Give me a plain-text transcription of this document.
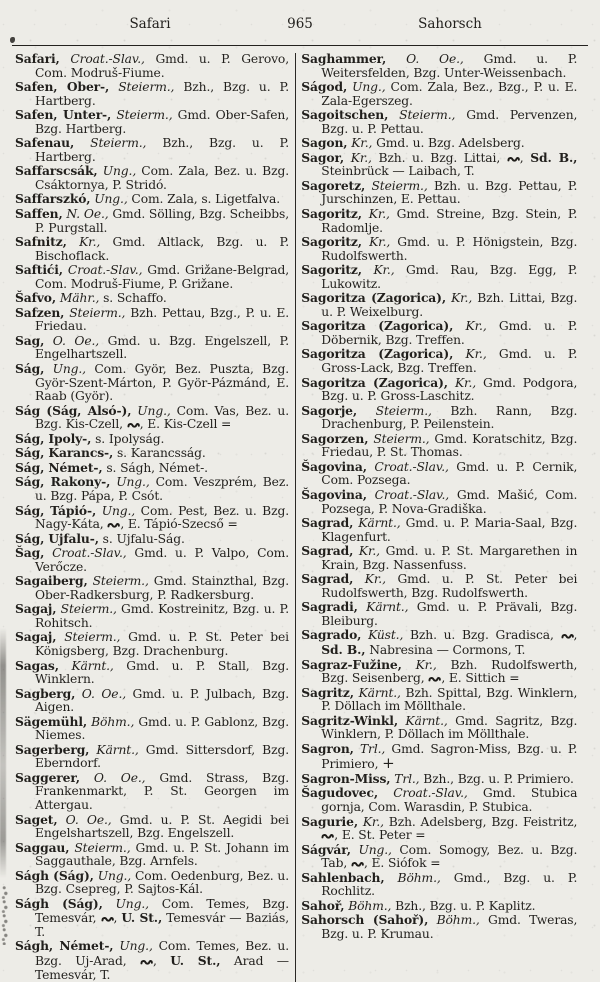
Safari	965	Sahorsch

Safari, Croat.-Slav., Gmd. u. P. Gerovo, Com. Modruš-Fiume.

Safen, Ober-, Steierm., Bzh., Bzg. u. P. Hartberg.

Safen, Unter-, Steierm., Gmd. Ober-Safen, Bzg. Hartberg.

Safenau, Steierm., Bzh., Bzg. u. P. Hartberg.

Saffarscsák, Ung., Com. Zala, Bez. u. Bzg. Csáktornya, P. Stridó.

Saffarszkó, Ung., Com. Zala, s. Ligetfalva.

Saffen, N. Oe., Gmd. Sölling, Bzg. Scheibbs, P. Purgstall.

Safnitz, Kr., Gmd. Altlack, Bzg. u. P. Bischoflack.

Saftići, Croat.-Slav., Gmd. Grižane-Belgrad, Com. Modruš-Fiume, P. Grižane.

Šafvo, Mähr., s. Schaffo.

Safzen, Steierm., Bzh. Pettau, Bzg., P. u. E. Friedau.

Sag, O. Oe., Gmd. u. Bzg. Engelszell, P. Engelhartszell.

Ság, Ung., Com. Györ, Bez. Puszta, Bzg. Györ-Szent-Márton, P. Györ-Pázmánd, E. Raab (Györ).

Ság (Ság, Alsó-), Ung., Com. Vas, Bez. u. Bzg. Kis-Czell, , E. Kis-Czell =

Ság, Ipoly-, s. Ipolyság.

Ság, Karancs-, s. Karancsság.

Ság, Német-, s. Ságh, Német-.

Ság, Rakony-, Ung., Com. Veszprém, Bez. u. Bzg. Pápa, P. Csót.

Ság, Tápió-, Ung., Com. Pest, Bez. u. Bzg. Nagy-Káta, , E. Tápió-Szecső =

Ság, Ujfalu-, s. Ujfalu-Ság.

Šag, Croat.-Slav., Gmd. u. P. Valpo, Com. Verőcze.

Sagaiberg, Steierm., Gmd. Stainzthal, Bzg. Ober-Radkersburg, P. Radkersburg.

Sagaj, Steierm., Gmd. Kostreinitz, Bzg. u. P. Rohitsch.

Sagaj, Steierm., Gmd. u. P. St. Peter bei Königsberg, Bzg. Drachenburg.

Sagas, Kärnt., Gmd. u. P. Stall, Bzg. Winklern.

Sagberg, O. Oe., Gmd. u. P. Julbach, Bzg. Aigen.

Sägemühl, Böhm., Gmd. u. P. Gablonz, Bzg. Niemes.

Sagerberg, Kärnt., Gmd. Sittersdorf, Bzg. Eberndorf.

Saggerer, O. Oe., Gmd. Strass, Bzg. Frankenmarkt, P. St. Georgen im Attergau.

Saget, O. Oe., Gmd. u. P. St. Aegidi bei Engelshartszell, Bzg. Engelszell.

Saggau, Steierm., Gmd. u. P. St. Johann im Saggauthale, Bzg. Arnfels.

Ságh (Ság), Ung., Com. Oedenburg, Bez. u. Bzg. Csepreg, P. Sajtos-Kál.

Ságh (Ság), Ung., Com. Temes, Bzg. Temesvár, , U. St., Temesvár — Baziás, T.

Ságh, Német-, Ung., Com. Temes, Bez. u. Bzg. Uj-Arad, , U. St., Arad — Temesvár, T.

Saghammer, O. Oe., Gmd. u. P. Weitersfelden, Bzg. Unter-Weissenbach.

Ságod, Ung., Com. Zala, Bez., Bzg., P. u. E. Zala-Egerszeg.

Sagoitschen, Steierm., Gmd. Pervenzen, Bzg. u. P. Pettau.

Sagon, Kr., Gmd. u. Bzg. Adelsberg.

Sagor, Kr., Bzh. u. Bzg. Littai, , Sd. B., Steinbrück — Laibach, T.

Sagoretz, Steierm., Bzh. u. Bzg. Pettau, P. Jurschinzen, E. Pettau.

Sagoritz, Kr., Gmd. Streine, Bzg. Stein, P. Radomlje.

Sagoritz, Kr., Gmd. u. P. Hönigstein, Bzg. Rudolfswerth.

Sagoritz, Kr., Gmd. Rau, Bzg. Egg, P. Lukowitz.

Sagoritza (Zagorica), Kr., Bzh. Littai, Bzg. u. P. Weixelburg.

Sagoritza (Zagorica), Kr., Gmd. u. P. Döbernik, Bzg. Treffen.

Sagoritza (Zagorica), Kr., Gmd. u. P. Gross-Lack, Bzg. Treffen.

Sagoritza (Zagorica), Kr., Gmd. Podgora, Bzg. u. P. Gross-Laschitz.

Sagorje, Steierm., Bzh. Rann, Bzg. Drachenburg, P. Peilenstein.

Sagorzen, Steierm., Gmd. Koratschitz, Bzg. Friedau, P. St. Thomas.

Šagovina, Croat.-Slav., Gmd. u. P. Cernik, Com. Pozsega.

Šagovina, Croat.-Slav., Gmd. Mašić, Com. Pozsega, P. Nova-Gradiška.

Sagrad, Kärnt., Gmd. u. P. Maria-Saal, Bzg. Klagenfurt.

Sagrad, Kr., Gmd. u. P. St. Margarethen in Krain, Bzg. Nassenfuss.

Sagrad, Kr., Gmd. u. P. St. Peter bei Rudolfswerth, Bzg. Rudolfswerth.

Sagradi, Kärnt., Gmd. u. P. Prävali, Bzg. Bleiburg.

Sagrado, Küst., Bzh. u. Bzg. Gradisca, , Sd. B., Nabresina — Cormons, T.

Sagraz-Fužine, Kr., Bzh. Rudolfswerth, Bzg. Seisenberg, , E. Sittich =

Sagritz, Kärnt., Bzh. Spittal, Bzg. Winklern, P. Döllach im Möllthale.

Sagritz-Winkl, Kärnt., Gmd. Sagritz, Bzg. Winklern, P. Döllach im Möllthale.

Sagron, Trl., Gmd. Sagron-Miss, Bzg. u. P. Primiero, +

Sagron-Miss, Trl., Bzh., Bzg. u. P. Primiero.

Šagudovec, Croat.-Slav., Gmd. Stubica gornja, Com. Warasdin, P. Stubica.

Sagurie, Kr., Bzh. Adelsberg, Bzg. Feistritz, , E. St. Peter =

Ságvár, Ung., Com. Somogy, Bez. u. Bzg. Tab, , E. Siófok =

Sahlenbach, Böhm., Gmd., Bzg. u. P. Rochlitz.

Sahoř, Böhm., Bzh., Bzg. u. P. Kaplitz.

Sahorsch (Sahoř), Böhm., Gmd. Tweras, Bzg. u. P. Krumau.
